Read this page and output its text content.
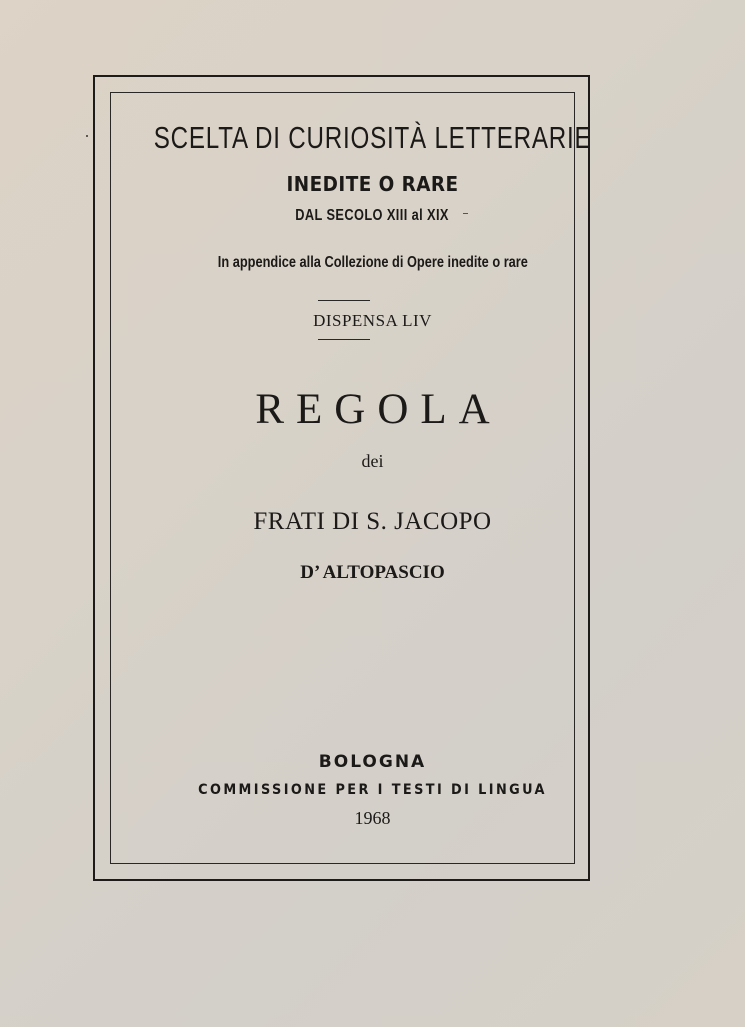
SCELTA DI CURIOSITÀ LETTERARIE
INEDITE O RARE
DAL SECOLO XIII al XIX
In appendice alla Collezione di Opere inedite o rare
DISPENSA LIV
REGOLA
dei
FRATI DI S. JACOPO
D’ ALTOPASCIO
BOLOGNA
COMMISSIONE PER I TESTI DI LINGUA
1968
